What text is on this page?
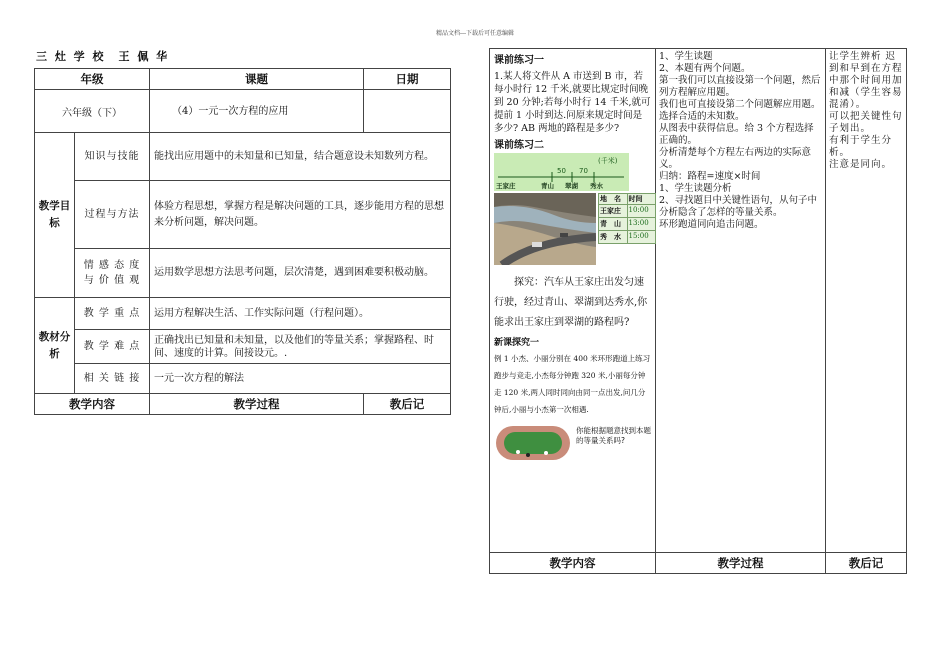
精品文档---下载后可任意编辑
三 灶 学 校　王 佩 华
年级		课题	日期
六年级（下）		（4）一元一次方程的应用	
教学目标	知识与技能	能找出应用题中的未知量和已知量，结合题意设未知数列方程。	
	过程与方法	体验方程思想，掌握方程是解决问题的工具，逐步能用方程的思想来分析问题，解决问题。	
	情 感 态 度与 价 值 观	运用数学思想方法思考问题，层次清楚，遇到困难要积极动脑。	
教材分析	教 学 重 点	运用方程解决生活、工作实际问题（行程问题）。	
	教 学 难 点	正确找出已知量和未知量，以及他们的等量关系；掌握路程、时间、速度的计算。间接设元。.	
	相 关 链 接	一元一次方程的解法	
教学内容		教学过程	教后记
课前练习一
1.某人将文件从 A 市送到 B 市，若每小时行 12 千米,就要比规定时间晚到 20 分钟;若每小时行 14 千米,就可提前 1 小时到达.问原来规定时间是多少? AB 两地的路程是多少?
课前练习二
(千米)
50 70
王家庄	青山 翠湖 秀水
地　名	时间
王家庄	10:00
青　山	13:00
秀　水	15:00
探究：汽车从王家庄出发匀速行驶，经过青山、翠湖到达秀水,你能求出王家庄到翠湖的路程吗?
新课探究一
例 1 小杰、小丽分别在 400 米环形跑道上练习跑步与竞走,小杰每分钟跑 320 米,小丽每分钟走 120 米,两人同时同向由同一点出发,问几分钟后,小丽与小杰第一次相遇.
你能根据题意找到本题的等量关系吗?

1、学生读题
2、本题有两个问题。
第一我们可以直接设第一个问题，然后列方程解应用题。
我们也可直接设第二个问题解应用题。
选择合适的未知数。
从图表中获得信息。给 3 个方程选择正确的。
分析清楚每个方程左右两边的实际意义。
归纳：路程=速度×时间
1、学生读题分析
2、寻找题目中关键性语句，从句子中分析隐含了怎样的等量关系。
环形跑道同向追击问题。

让学生辨析 迟到和早到在方程中那个时间用加和减（学生容易混淆）。
可以把关键性句子划出。
有利于学生分析。
注意是同向。

教学内容	教学过程	教后记
